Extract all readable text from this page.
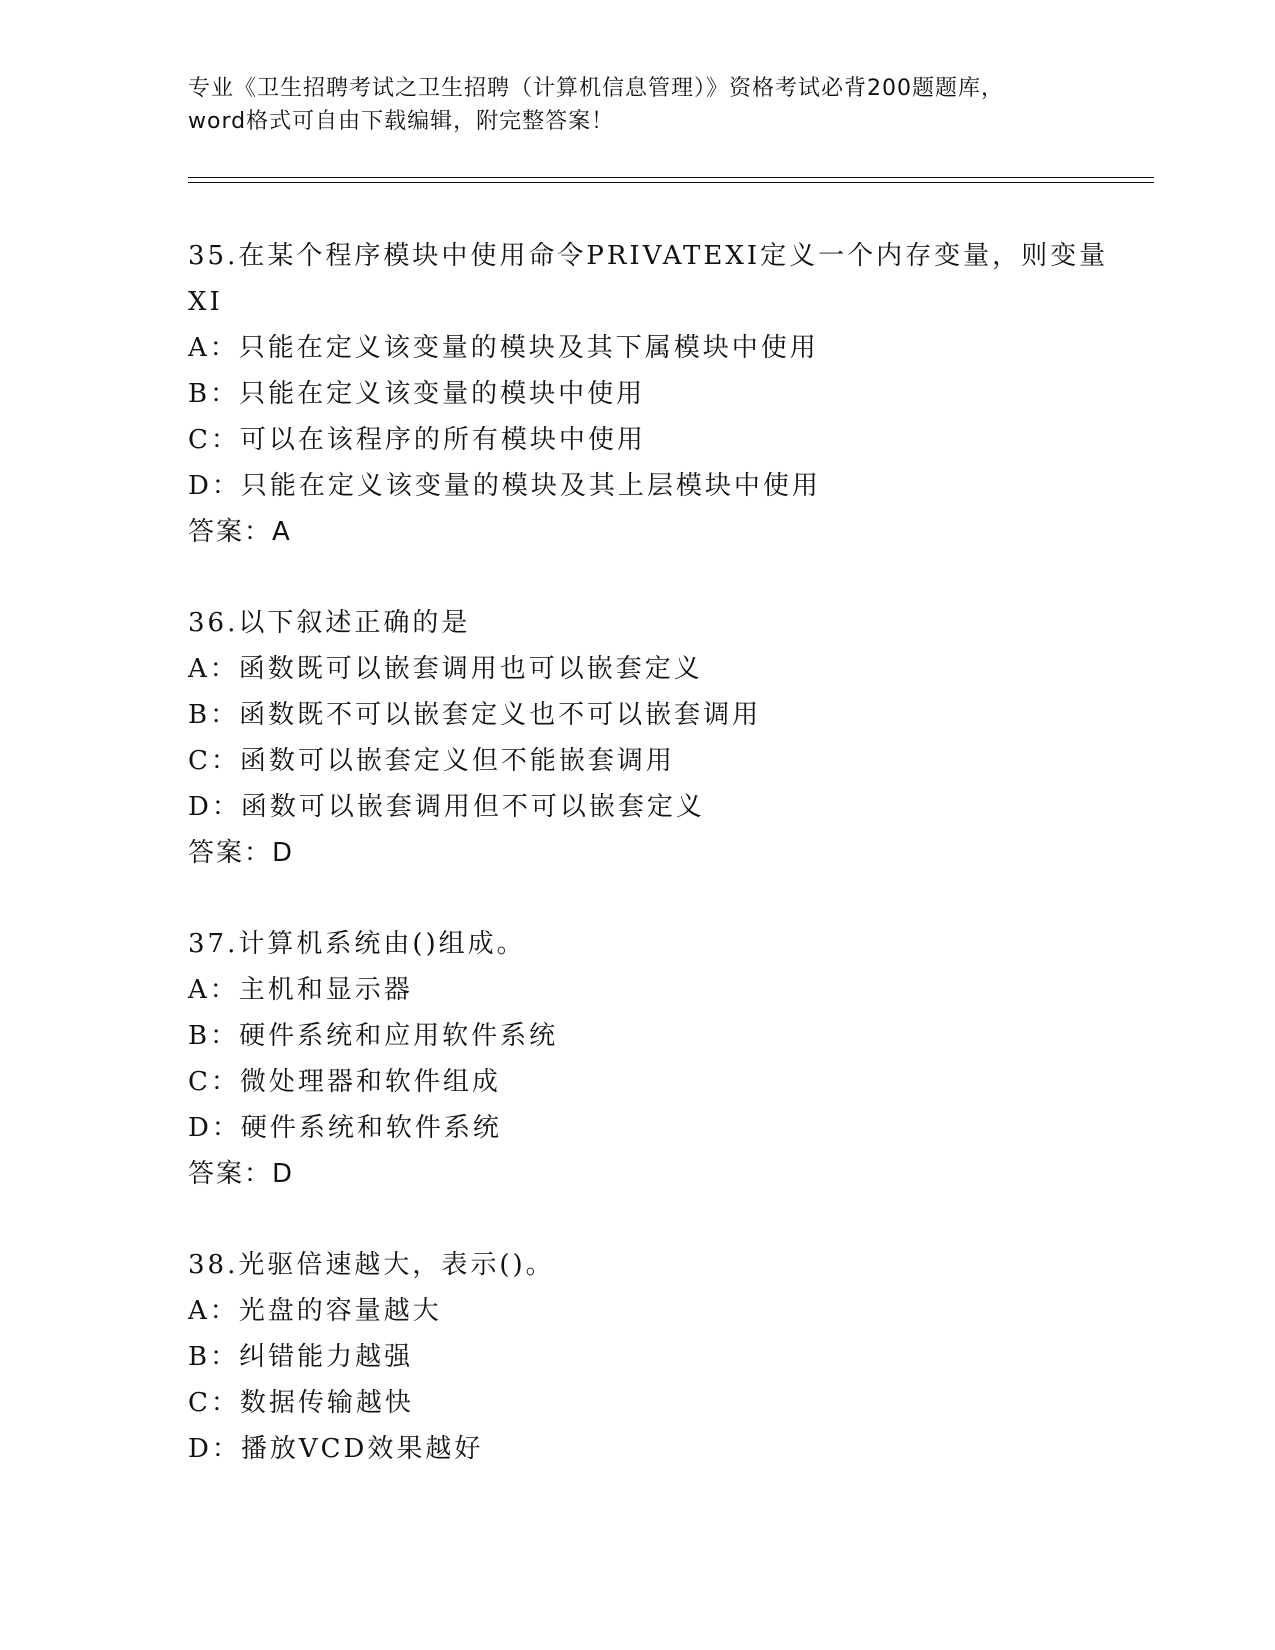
专业《卫生招聘考试之卫生招聘（计算机信息管理）》资格考试必背200题题库，
word格式可自由下载编辑，附完整答案！
35.在某个程序模块中使用命令PRIVATEXI定义一个内存变量，则变量
XI
A：只能在定义该变量的模块及其下属模块中使用
B：只能在定义该变量的模块中使用
C：可以在该程序的所有模块中使用
D：只能在定义该变量的模块及其上层模块中使用
答案：A
36.以下叙述正确的是
A：函数既可以嵌套调用也可以嵌套定义
B：函数既不可以嵌套定义也不可以嵌套调用
C：函数可以嵌套定义但不能嵌套调用
D：函数可以嵌套调用但不可以嵌套定义
答案：D
37.计算机系统由()组成。
A：主机和显示器
B：硬件系统和应用软件系统
C：微处理器和软件组成
D：硬件系统和软件系统
答案：D
38.光驱倍速越大，表示()。
A：光盘的容量越大
B：纠错能力越强
C：数据传输越快
D：播放VCD效果越好
